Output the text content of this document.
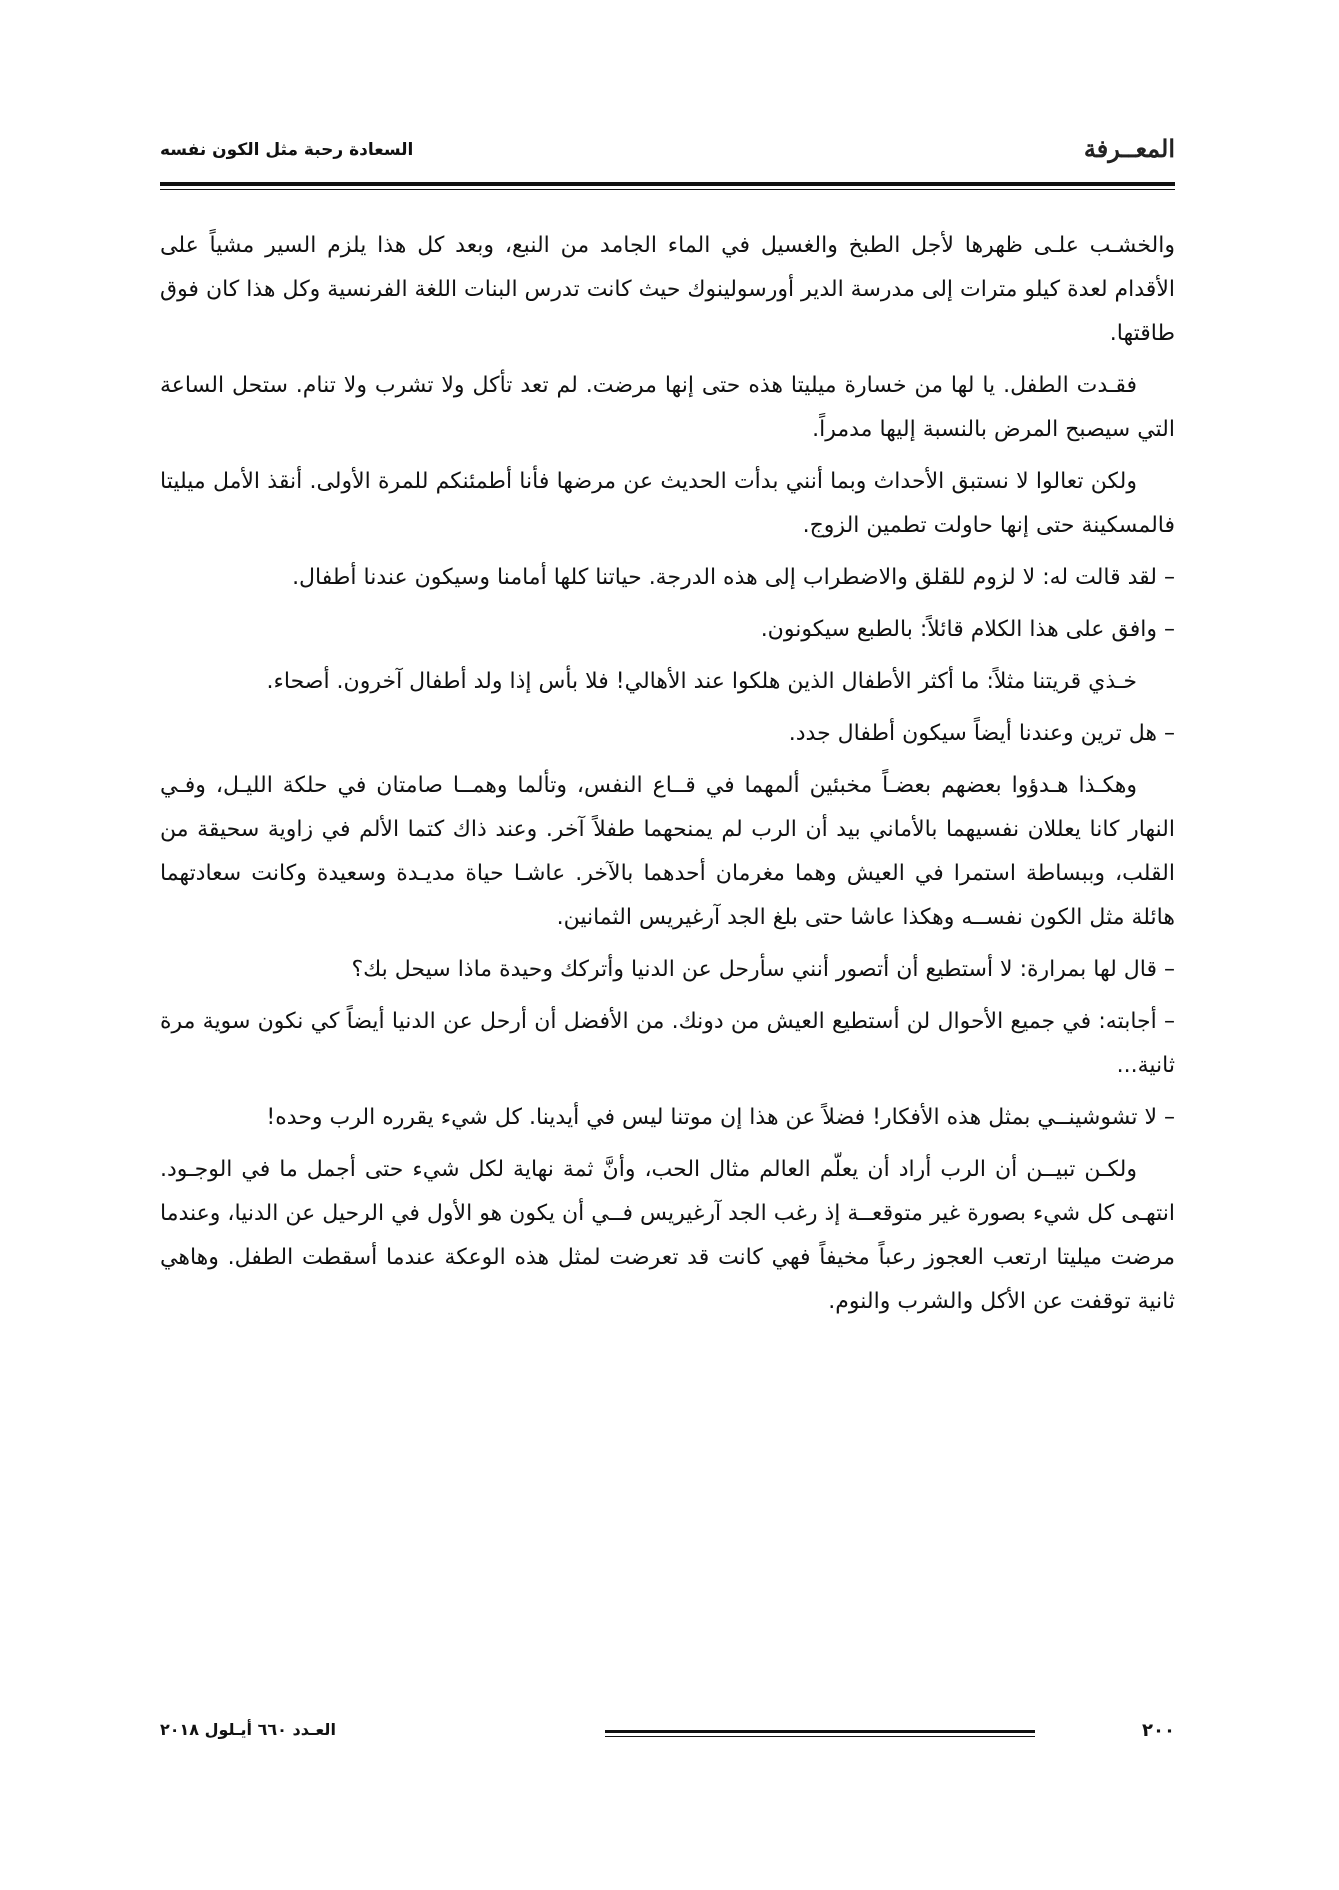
المعــرفة
السعادة رحبة مثل الكون نفسه

والخشـب علـى ظهرها لأجل الطبخ والغسيل في الماء الجامد من النبع، وبعد كل هذا يلزم السير مشياً على الأقدام لعدة كيلو مترات إلى مدرسة الدير أورسولينوك حيث كانت تدرس البنات اللغة الفرنسية وكل هذا كان فوق طاقتها.

فقـدت الطفل. يا لها من خسارة ميليتا هذه حتى إنها مرضت. لم تعد تأكل ولا تشرب ولا تنام. ستحل الساعة التي سيصبح المرض بالنسبة إليها مدمراً.

ولكن تعالوا لا نستبق الأحداث وبما أنني بدأت الحديث عن مرضها فأنا أطمئنكم للمرة الأولى. أنقذ الأمل ميليتا فالمسكينة حتى إنها حاولت تطمين الزوج.

– لقد قالت له: لا لزوم للقلق والاضطراب إلى هذه الدرجة. حياتنا كلها أمامنا وسيكون عندنا أطفال.

– وافق على هذا الكلام قائلاً: بالطبع سيكونون.

خـذي قريتنا مثلاً: ما أكثر الأطفال الذين هلكوا عند الأهالي! فلا بأس إذا ولد أطفال آخرون. أصحاء.

– هل ترين وعندنا أيضاً سيكون أطفال جدد.

وهكـذا هـدؤوا بعضهم بعضـاً مخبئين ألمهما في قــاع النفس، وتألما وهمــا صامتان في حلكة الليـل، وفـي النهار كانا يعللان نفسيهما بالأماني بيد أن الرب لم يمنحهما طفلاً آخر. وعند ذاك كتما الألم في زاوية سحيقة من القلب، وببساطة استمرا في العيش وهما مغرمان أحدهما بالآخر. عاشـا حياة مديـدة وسعيدة وكانت سعادتهما هائلة مثل الكون نفســه وهكذا عاشا حتى بلغ الجد آرغيريس الثمانين.

– قال لها بمرارة: لا أستطيع أن أتصور أنني سأرحل عن الدنيا وأتركك وحيدة ماذا سيحل بك؟

– أجابته: في جميع الأحوال لن أستطيع العيش من دونك. من الأفضل أن أرحل عن الدنيا أيضاً كي نكون سوية مرة ثانية...

– لا تشوشينــي بمثل هذه الأفكار! فضلاً عن هذا إن موتنا ليس في أيدينا. كل شيء يقرره الرب وحده!

ولكـن تبيــن أن الرب أراد أن يعلّم العالم مثال الحب، وأنَّ ثمة نهاية لكل شيء حتى أجمل ما في الوجـود. انتهـى كل شيء بصورة غير متوقعــة إذ رغب الجد آرغيريس فــي أن يكون هو الأول في الرحيل عن الدنيا، وعندما مرضت ميليتا ارتعب العجوز رعباً مخيفاً فهي كانت قد تعرضت لمثل هذه الوعكة عندما أسقطت الطفل. وهاهي ثانية توقفت عن الأكل والشرب والنوم.

٢٠٠
العـدد ٦٦٠ أيـلول ٢٠١٨
